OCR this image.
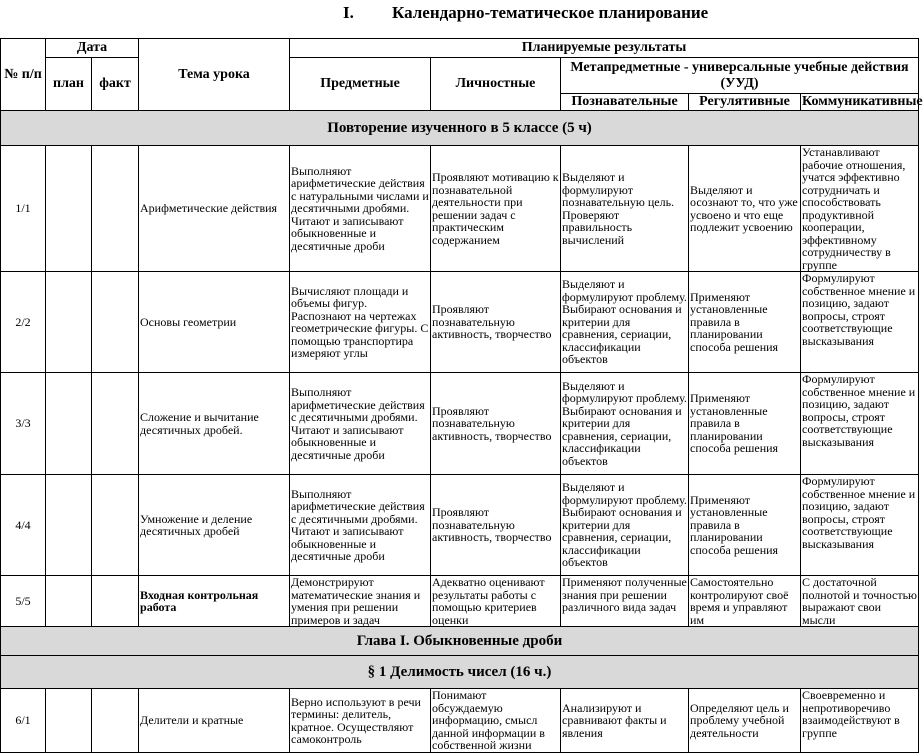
I. Календарно-тематическое планирование
№ п/п	Дата		Тема урока	Планируемые результаты				
	план	факт		Предметные	Личностные	Метапредметные - универсальные учебные действия (УУД)		
						Познавательные	Регулятивные	Коммуникативные
Повторение изученного в 5 классе (5 ч)								
1/1			Арифметические действия	Выполняют арифметические действия с натуральными числами и десятичными дробями. Читают и записывают обыкновенные и десятичные дроби	Проявляют мотивацию к познавательной деятельности при решении задач с практическим содержанием	Выделяют и формулируют познавательную цель. Проверяют правильность вычислений	Выделяют и осознают то, что уже усвоено и что еще подлежит усвоению	Устанавливают рабочие отношения, учатся эффективно сотрудничать и способствовать продуктивной кооперации, эффективному сотрудничеству в группе
2/2			Основы геометрии	Вычисляют площади и объемы фигур. Распознают на чертежах геометрические фигуры. С помощью транспортира измеряют углы	Проявляют познавательную активность, творчество	Выделяют и формулируют проблему. Выбирают основания и критерии для сравнения, сериации, классификации объектов	Применяют установленные правила в планировании способа решения	Формулируют собственное мнение и позицию, задают вопросы, строят соответствующие высказывания
3/3			Сложение и вычитание десятичных дробей.	Выполняют арифметические действия с десятичными дробями. Читают и записывают обыкновенные и десятичные дроби	Проявляют познавательную активность, творчество	Выделяют и формулируют проблему. Выбирают основания и критерии для сравнения, сериации, классификации объектов	Применяют установленные правила в планировании способа решения	Формулируют собственное мнение и позицию, задают вопросы, строят соответствующие высказывания
4/4			Умножение и деление десятичных дробей	Выполняют арифметические действия с десятичными дробями. Читают и записывают обыкновенные и десятичные дроби	Проявляют познавательную активность, творчество	Выделяют и формулируют проблему. Выбирают основания и критерии для сравнения, сериации, классификации объектов	Применяют установленные правила в планировании способа решения	Формулируют собственное мнение и позицию, задают вопросы, строят соответствующие высказывания
5/5			Входная контрольная работа	Демонстрируют математические знания и умения при решении примеров и задач	Адекватно оценивают результаты работы с помощью критериев оценки	Применяют полученные знания при решении различного вида задач	Самостоятельно контролируют своё время и управляют им	С достаточной полнотой и точностью выражают свои мысли
Глава I. Обыкновенные дроби								
§ 1 Делимость чисел (16 ч.)								
6/1			Делители и кратные	Верно используют в речи термины: делитель, кратное. Осуществляют самоконтроль	Понимают обсуждаемую информацию, смысл данной информации в собственной жизни	Анализируют и сравнивают факты и явления	Определяют цель и проблему учебной деятельности	Своевременно и непротиворечиво взаимодействуют в группе
